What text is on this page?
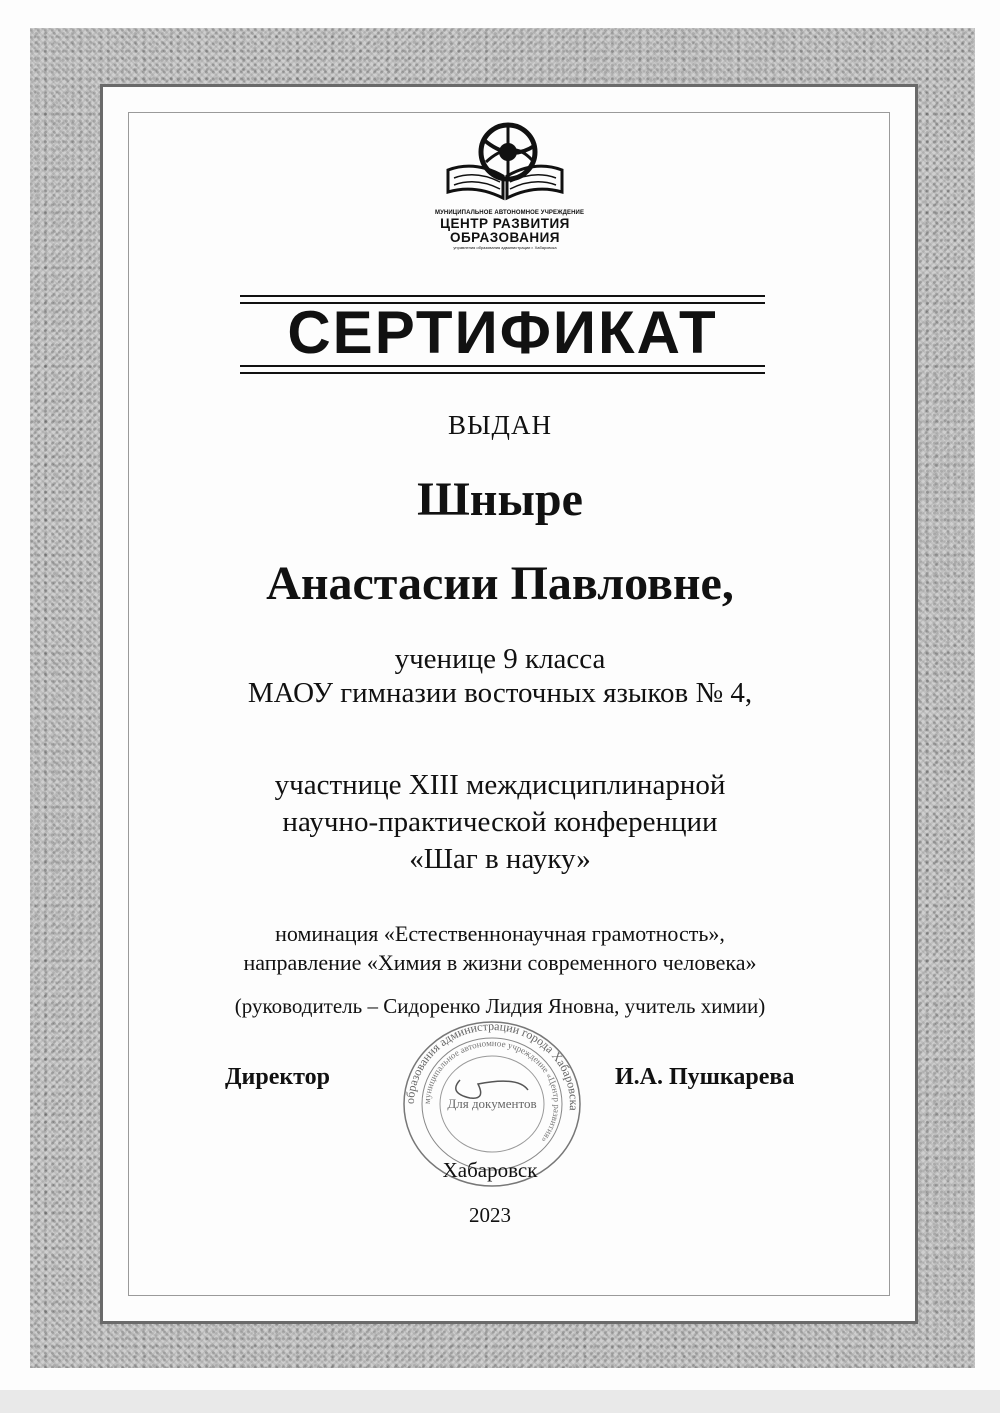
МУНИЦИПАЛЬНОЕ АВТОНОМНОЕ УЧРЕЖДЕНИЕ
ЦЕНТР РАЗВИТИЯ
ОБРАЗОВАНИЯ
управления образования администрации г. Хабаровска
СЕРТИФИКАТ
ВЫДАН
Шныре
Анастасии Павловне,
ученице 9 класса
МАОУ гимназии восточных языков № 4,
участнице XIII междисциплинарной
научно-практической конференции
«Шаг в науку»
номинация «Естественнонаучная грамотность»,
направление «Химия в жизни современного человека»
(руководитель – Сидоренко Лидия Яновна, учитель химии)
Директор	И.А. Пушкарева
образования администрации города Хабаровска
муниципальное автономное учреждение «Центр развития»
Для документов
Хабаровск
2023
